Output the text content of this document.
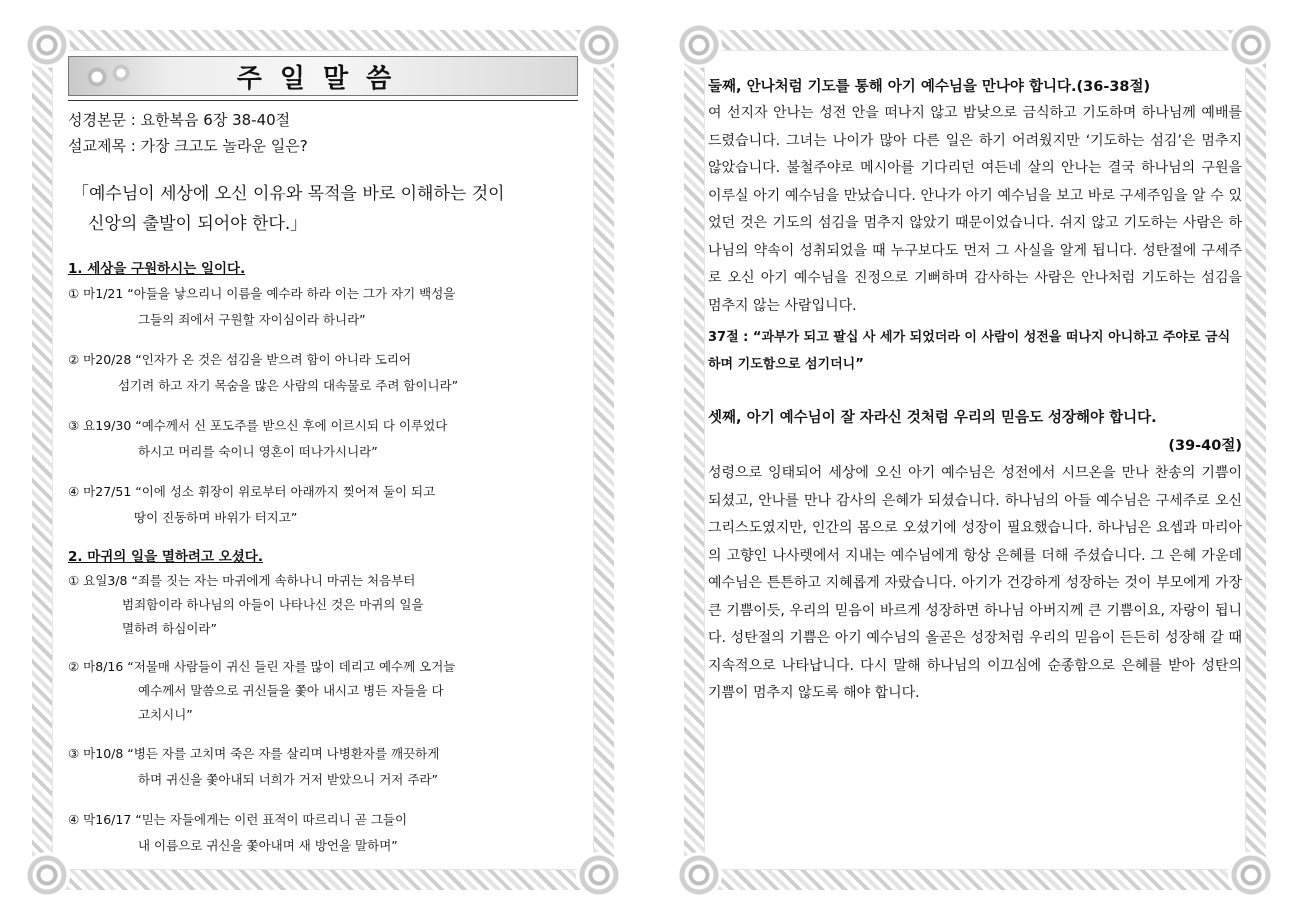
주일말씀
성경본문 : 요한복음 6장 38-40절
설교제목 : 가장 크고도 놀라운 일은?
「예수님이 세상에 오신 이유와 목적을 바로 이해하는 것이
신앙의 출발이 되어야 한다.」
1. 세상을 구원하시는 일이다.
① 마1/21 “아들을 낳으리니 이름을 예수라 하라 이는 그가 자기 백성을
그들의 죄에서 구원할 자이심이라 하니라”
② 마20/28 “인자가 온 것은 섬김을 받으려 함이 아니라 도리어
섬기려 하고 자기 목숨을 많은 사람의 대속물로 주려 함이니라”
③ 요19/30 “예수께서 신 포도주를 받으신 후에 이르시되 다 이루었다
하시고 머리를 숙이니 영혼이 떠나가시니라”
④ 마27/51 “이에 성소 휘장이 위로부터 아래까지 찢어져 둘이 되고
땅이 진동하며 바위가 터지고”
2. 마귀의 일을 멸하려고 오셨다.
① 요일3/8 “죄를 짓는 자는 마귀에게 속하나니 마귀는 처음부터
범죄함이라 하나님의 아들이 나타나신 것은 마귀의 일을
멸하려 하심이라”
② 마8/16 “저물매 사람들이 귀신 들린 자를 많이 데리고 예수께 오거늘
예수께서 말씀으로 귀신들을 쫓아 내시고 병든 자들을 다
고치시니”
③ 마10/8 “병든 자를 고치며 죽은 자를 살리며 나병환자를 깨끗하게
하며 귀신을 쫓아내되 너희가 거저 받았으니 거저 주라”
④ 막16/17 “믿는 자들에게는 이런 표적이 따르리니 곧 그들이
내 이름으로 귀신을 쫓아내며 새 방언을 말하며”
둘째, 안나처럼 기도를 통해 아기 예수님을 만나야 합니다.(36-38절)
여 선지자 안나는 성전 안을 떠나지 않고 밤낮으로 금식하고 기도하며 하나님께 예배를 드렸습니다. 그녀는 나이가 많아 다른 일은 하기 어려웠지만 ‘기도하는 섬김’은 멈추지 않았습니다. 불철주야로 메시아를 기다리던 여든네 살의 안나는 결국 하나님의 구원을 이루실 아기 예수님을 만났습니다. 안나가 아기 예수님을 보고 바로 구세주임을 알 수 있었던 것은 기도의 섬김을 멈추지 않았기 때문이었습니다. 쉬지 않고 기도하는 사람은 하나님의 약속이 성취되었을 때 누구보다도 먼저 그 사실을 알게 됩니다. 성탄절에 구세주로 오신 아기 예수님을 진정으로 기뻐하며 감사하는 사람은 안나처럼 기도하는 섬김을 멈추지 않는 사람입니다.
37절 : “과부가 되고 팔십 사 세가 되었더라 이 사람이 성전을 떠나지 아니하고 주야로 금식하며 기도함으로 섬기더니”
셋째, 아기 예수님이 잘 자라신 것처럼 우리의 믿음도 성장해야 합니다.
(39-40절)
성령으로 잉태되어 세상에 오신 아기 예수님은 성전에서 시므온을 만나 찬송의 기쁨이 되셨고, 안나를 만나 감사의 은혜가 되셨습니다. 하나님의 아들 예수님은 구세주로 오신 그리스도였지만, 인간의 몸으로 오셨기에 성장이 필요했습니다. 하나님은 요셉과 마리아의 고향인 나사렛에서 지내는 예수님에게 항상 은혜를 더해 주셨습니다. 그 은혜 가운데 예수님은 튼튼하고 지혜롭게 자랐습니다. 아기가 건강하게 성장하는 것이 부모에게 가장 큰 기쁨이듯, 우리의 믿음이 바르게 성장하면 하나님 아버지께 큰 기쁨이요, 자랑이 됩니다. 성탄절의 기쁨은 아기 예수님의 올곧은 성장처럼 우리의 믿음이 든든히 성장해 갈 때 지속적으로 나타납니다. 다시 말해 하나님의 이끄심에 순종함으로 은혜를 받아 성탄의 기쁨이 멈추지 않도록 해야 합니다.
